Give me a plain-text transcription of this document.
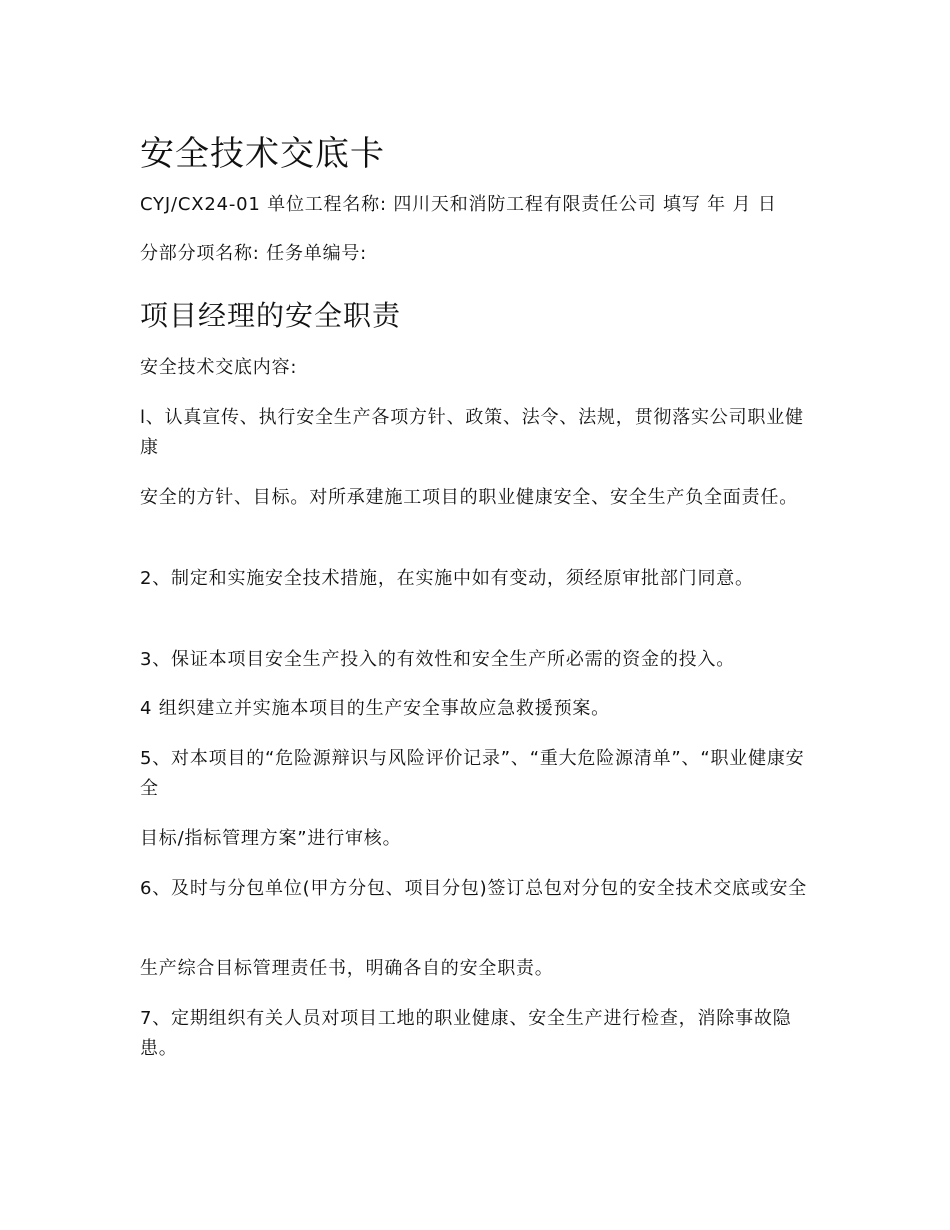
安全技术交底卡

CYJ/CX24-01 单位工程名称: 四川天和消防工程有限责任公司 填写 年 月 日

分部分项名称: 任务单编号:

项目经理的安全职责

安全技术交底内容:

l、认真宣传、执行安全生产各项方针、政策、法令、法规，贯彻落实公司职业健康

安全的方针、目标。对所承建施工项目的职业健康安全、安全生产负全面责任。

2、制定和实施安全技术措施，在实施中如有变动，须经原审批部门同意。

3、保证本项目安全生产投入的有效性和安全生产所必需的资金的投入。

4 组织建立并实施本项目的生产安全事故应急救援预案。

5、对本项目的“危险源辩识与风险评价记录”、“重大危险源清单”、“职业健康安全

目标/指标管理方案”进行审核。

6、及时与分包单位(甲方分包、项目分包)签订总包对分包的安全技术交底或安全

生产综合目标管理责任书，明确各自的安全职责。

7、定期组织有关人员对项目工地的职业健康、安全生产进行检查，消除事故隐患。
